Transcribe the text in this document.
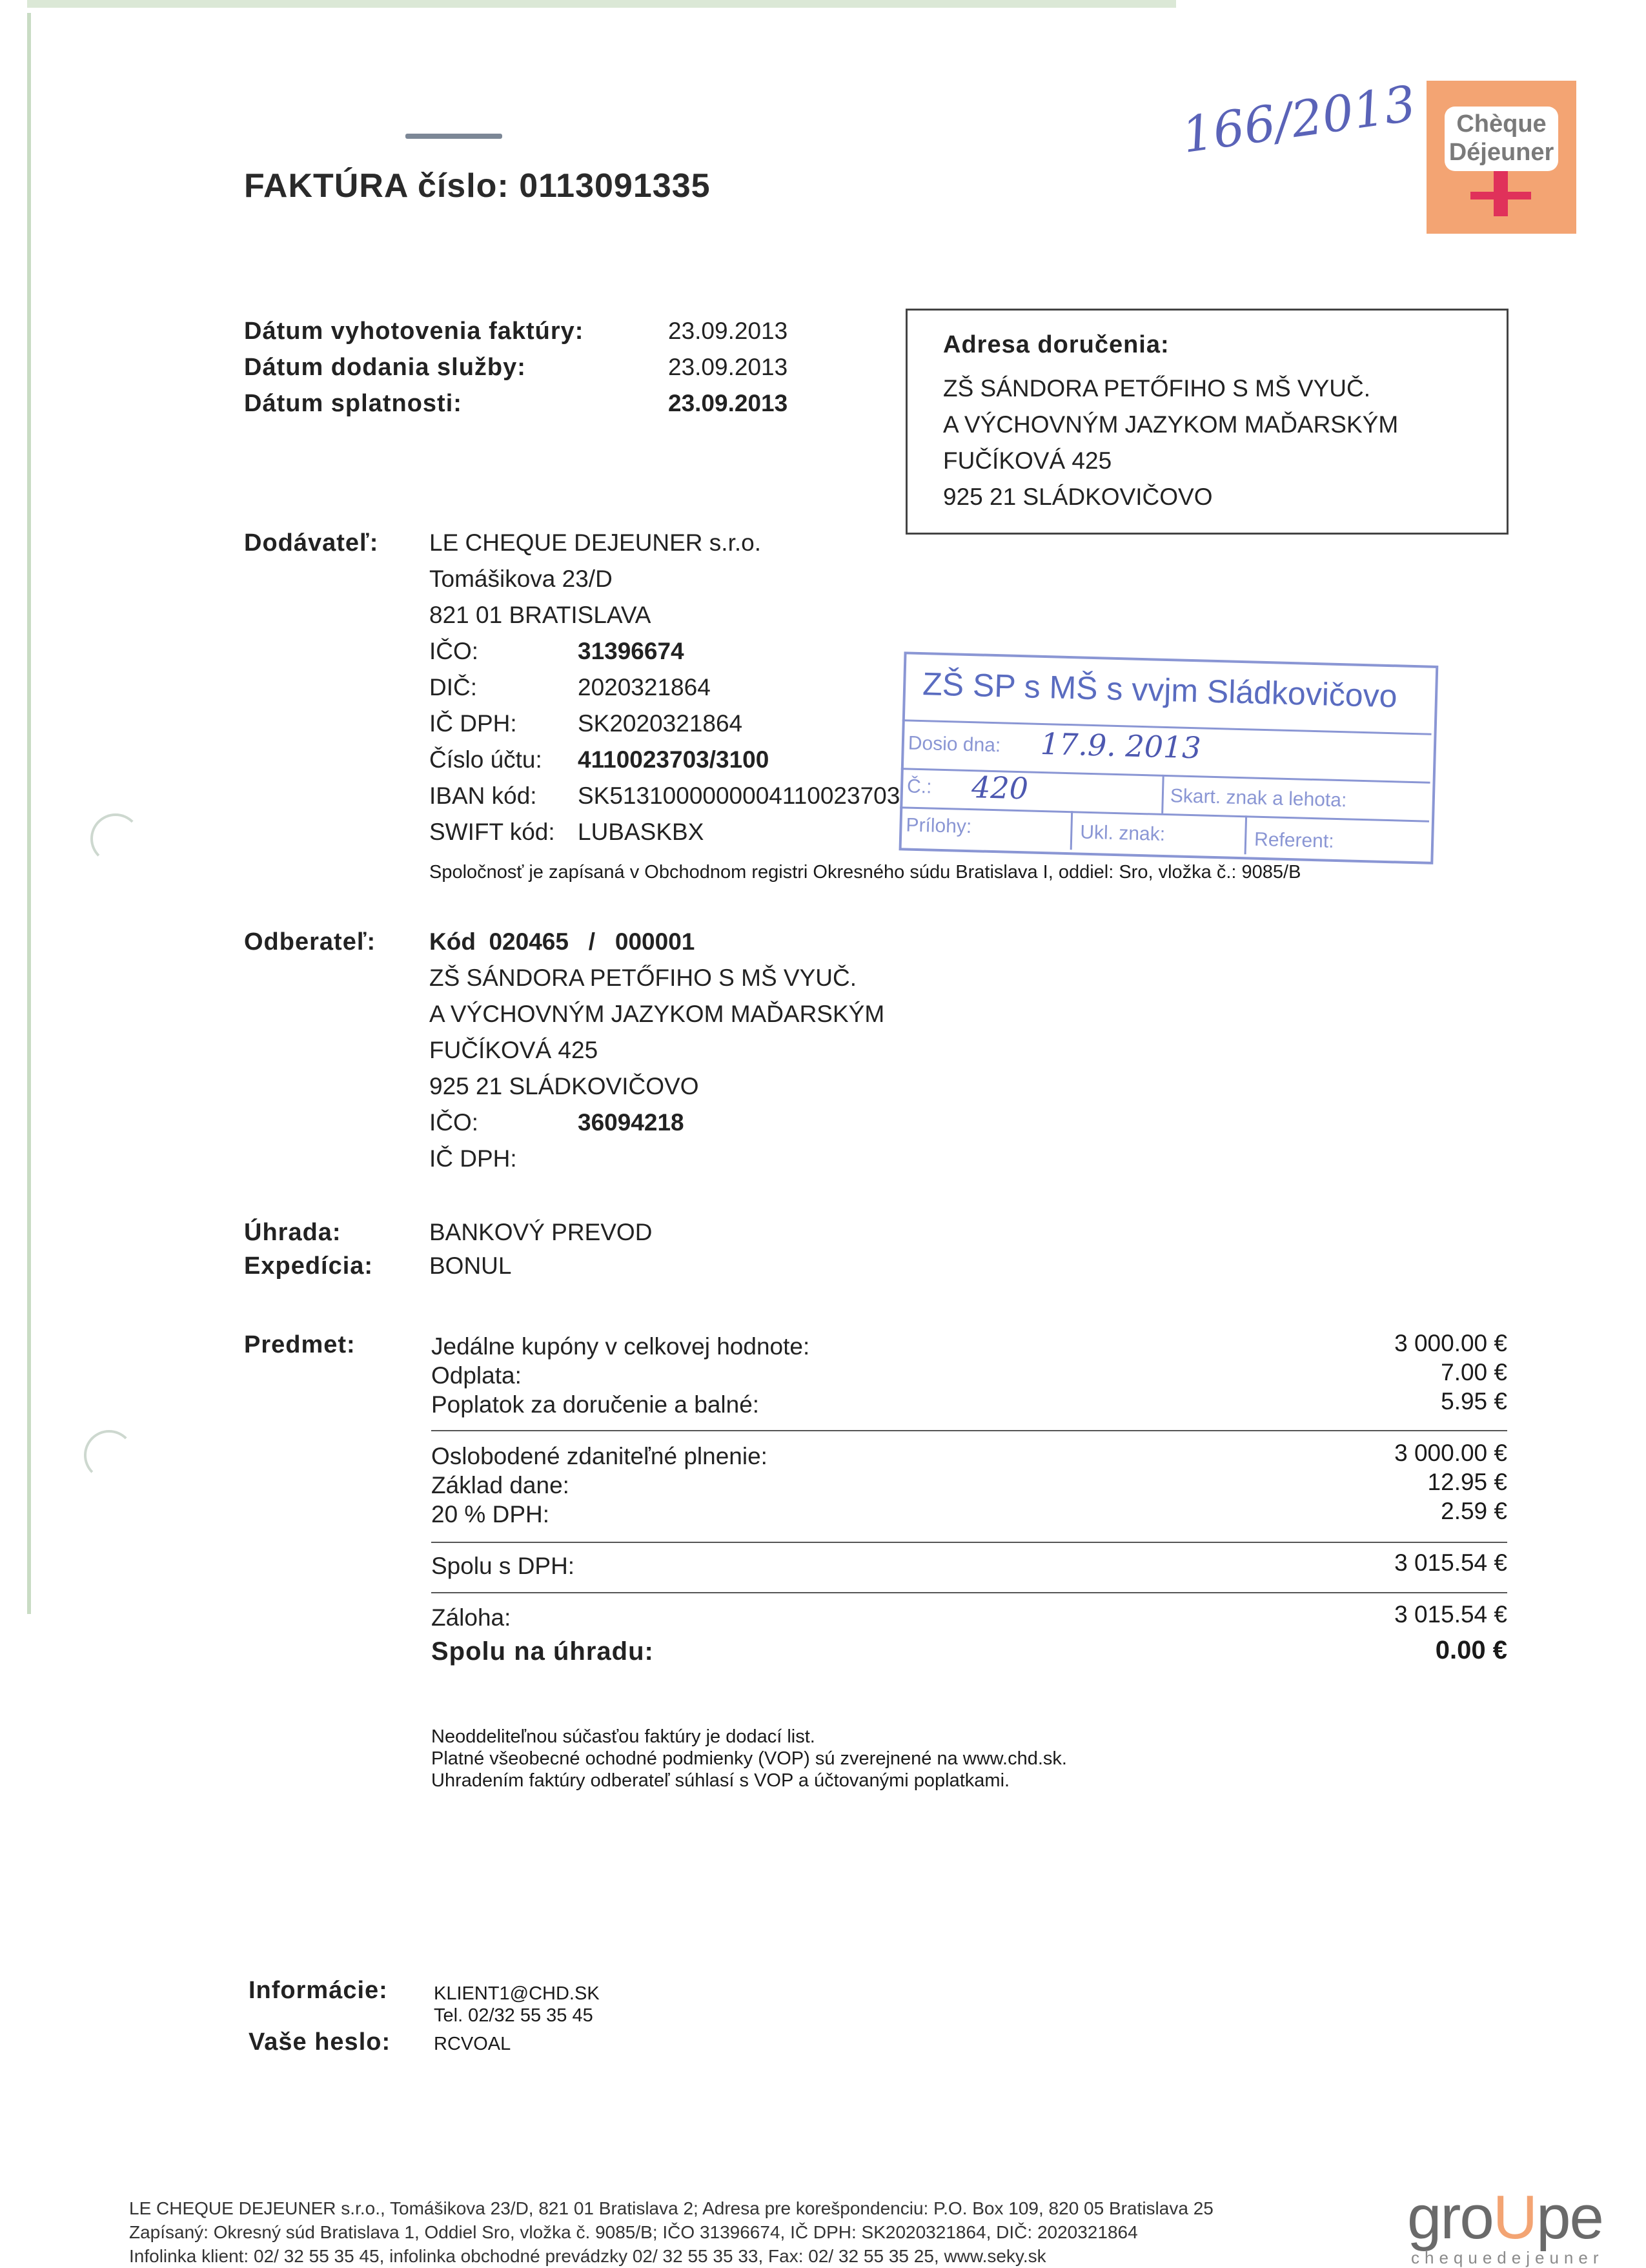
FAKTÚRA číslo: 0113091335
166/2013	Chèque
Déjeuner
Dátum vyhotovenia faktúry:	23.09.2013
Dátum dodania služby:	23.09.2013
Dátum splatnosti:	23.09.2013
Adresa doručenia:
ZŠ SÁNDORA PETŐFIHO S MŠ VYUČ.
A VÝCHOVNÝM JAZYKOM MAĎARSKÝM
FUČÍKOVÁ 425
925 21 SLÁDKOVIČOVO
Dodávateľ: LE CHEQUE DEJEUNER s.r.o.
Tomášikova 23/D
821 01 BRATISLAVA
IČO:	31396674
DIČ:	2020321864
IČ DPH:	SK2020321864
Číslo účtu: 4110023703/3100
IBAN kód: SK5131000000004110023703
SWIFT kód: LUBASKBX
Spoločnosť je zapísaná v Obchodnom registri Okresného súdu Bratislava I, oddiel: Sro, vložka č.: 9085/B
ZŠ SP s MŠ s vvjm Sládkovičovo
Dosio dna: 17.9. 2013
Č.: 420	Skart. znak a lehota:
Prílohy:	Ukl. znak:	Referent:
Odberateľ: Kód  020465   /   000001
ZŠ SÁNDORA PETŐFIHO S MŠ VYUČ.
A VÝCHOVNÝM JAZYKOM MAĎARSKÝM
FUČÍKOVÁ 425
925 21 SLÁDKOVIČOVO
IČO:	36094218
IČ DPH:
Úhrada:	BANKOVÝ PREVOD
Expedícia: BONUL
Predmet:	Jedálne kupóny v celkovej hodnote:	3 000.00 €
Odplata:	7.00 €
Poplatok za doručenie a balné:	5.95 €
Oslobodené zdaniteľné plnenie:	3 000.00 €
Základ dane:	12.95 €
20 % DPH:	2.59 €
Spolu s DPH:	3 015.54 €
Záloha:	3 015.54 €
Spolu na úhradu:	0.00 €
Neoddeliteľnou súčasťou faktúry je dodací list.
Platné všeobecné ochodné podmienky (VOP) sú zverejnené na www.chd.sk.
Uhradením faktúry odberateľ súhlasí s VOP a účtovanými poplatkami.
Informácie: KLIENT1@CHD.SK
Tel. 02/32 55 35 45
Vaše heslo: RCVOAL
LE CHEQUE DEJEUNER s.r.o., Tomášikova 23/D, 821 01 Bratislava 2; Adresa pre korešpondenciu: P.O. Box 109, 820 05 Bratislava 25
Zapísaný: Okresný súd Bratislava 1, Oddiel Sro, vložka č. 9085/B; IČO 31396674, IČ DPH: SK2020321864, DIČ: 2020321864
Infolinka klient: 02/ 32 55 35 45, infolinka obchodné prevádzky 02/ 32 55 35 33, Fax: 02/ 32 55 35 25, www.seky.sk
groUpe
chequedejeuner
